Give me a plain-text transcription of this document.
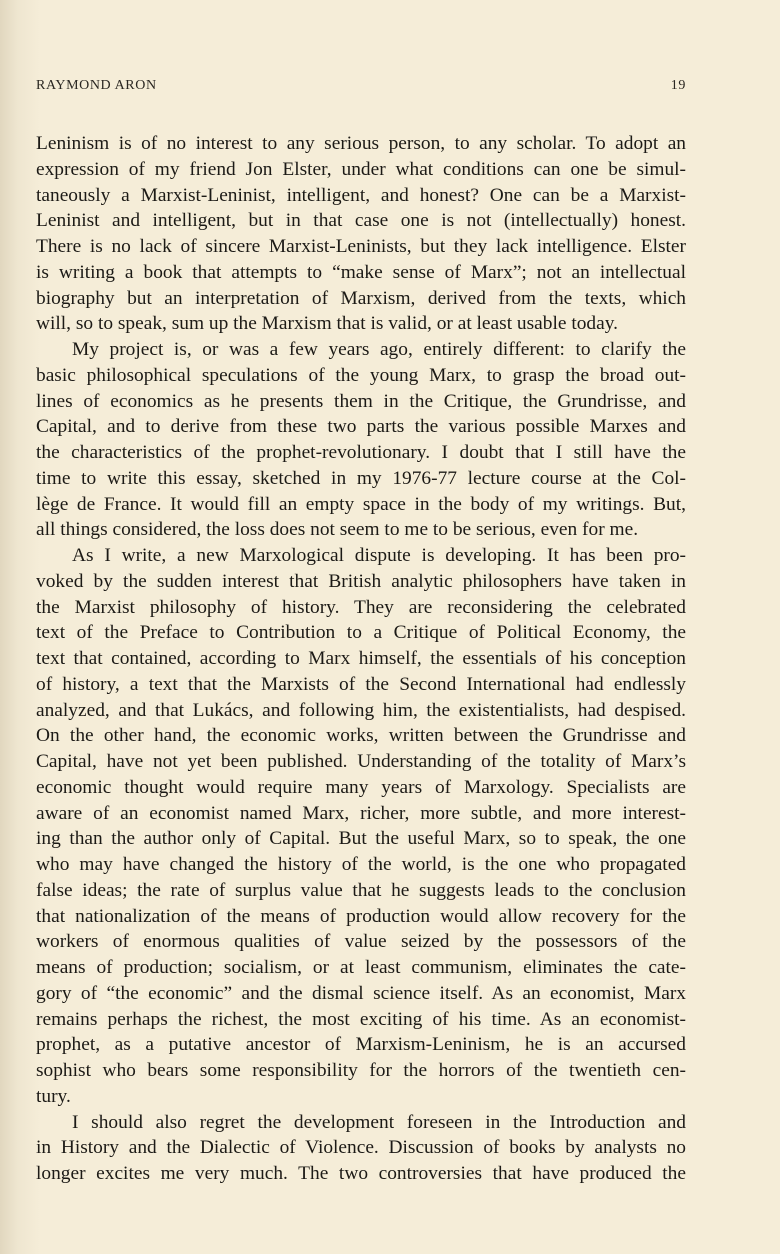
RAYMOND ARON	19
Leninism is of no interest to any serious person, to any scholar. To adopt an
expression of my friend Jon Elster, under what conditions can one be simul-
taneously a Marxist-Leninist, intelligent, and honest? One can be a Marxist-
Leninist and intelligent, but in that case one is not (intellectually) honest.
There is no lack of sincere Marxist-Leninists, but they lack intelligence. Elster
is writing a book that attempts to “make sense of Marx”; not an intellectual
biography but an interpretation of Marxism, derived from the texts, which
will, so to speak, sum up the Marxism that is valid, or at least usable today.
My project is, or was a few years ago, entirely different: to clarify the
basic philosophical speculations of the young Marx, to grasp the broad out-
lines of economics as he presents them in the Critique, the Grundrisse, and
Capital, and to derive from these two parts the various possible Marxes and
the characteristics of the prophet-revolutionary. I doubt that I still have the
time to write this essay, sketched in my 1976-77 lecture course at the Col-
lège de France. It would fill an empty space in the body of my writings. But,
all things considered, the loss does not seem to me to be serious, even for me.
As I write, a new Marxological dispute is developing. It has been pro-
voked by the sudden interest that British analytic philosophers have taken in
the Marxist philosophy of history. They are reconsidering the celebrated
text of the Preface to Contribution to a Critique of Political Economy, the
text that contained, according to Marx himself, the essentials of his conception
of history, a text that the Marxists of the Second International had endlessly
analyzed, and that Lukács, and following him, the existentialists, had despised.
On the other hand, the economic works, written between the Grundrisse and
Capital, have not yet been published. Understanding of the totality of Marx’s
economic thought would require many years of Marxology. Specialists are
aware of an economist named Marx, richer, more subtle, and more interest-
ing than the author only of Capital. But the useful Marx, so to speak, the one
who may have changed the history of the world, is the one who propagated
false ideas; the rate of surplus value that he suggests leads to the conclusion
that nationalization of the means of production would allow recovery for the
workers of enormous qualities of value seized by the possessors of the
means of production; socialism, or at least communism, eliminates the cate-
gory of “the economic” and the dismal science itself. As an economist, Marx
remains perhaps the richest, the most exciting of his time. As an economist-
prophet, as a putative ancestor of Marxism-Leninism, he is an accursed
sophist who bears some responsibility for the horrors of the twentieth cen-
tury.
I should also regret the development foreseen in the Introduction and
in History and the Dialectic of Violence. Discussion of books by analysts no
longer excites me very much. The two controversies that have produced the
